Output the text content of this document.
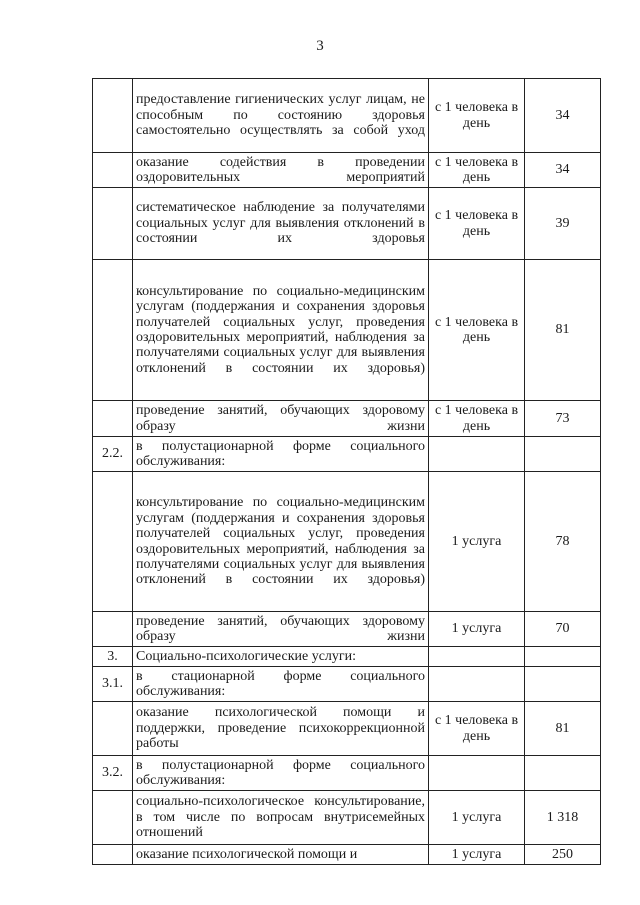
3
	предоставление гигиенических услуг лицам, не способным по состоянию здоровья самостоятельно осуществлять за собой уход	с 1 человека в день	34
	оказание содействия в проведении оздоровительных мероприятий	с 1 человека в день	34
	систематическое наблюдение за получателями социальных услуг для выявления отклонений в состоянии их здоровья	с 1 человека в день	39
	консультирование по социально-медицинским услугам (поддержания и сохранения здоровья получателей социальных услуг, проведения оздоровительных мероприятий, наблюдения за получателями социальных услуг для выявления отклонений в состоянии их здоровья)	с 1 человека в день	81
	проведение занятий, обучающих здоровому образу жизни	с 1 человека в день	73
2.2.	в полустационарной форме социального обслуживания:		
	консультирование по социально-медицинским услугам (поддержания и сохранения здоровья получателей социальных услуг, проведения оздоровительных мероприятий, наблюдения за получателями социальных услуг для выявления отклонений в состоянии их здоровья)	1 услуга	78
	проведение занятий, обучающих здоровому образу жизни	1 услуга	70
3.	Социально-психологические услуги:		
3.1.	в стационарной форме социального обслуживания:		
	оказание психологической помощи и поддержки, проведение психокоррекционной работы	с 1 человека в день	81
3.2.	в полустационарной форме социального обслуживания:		
	социально-психологическое консультирование, в том числе по вопросам внутрисемейных отношений	1 услуга	1 318
	оказание психологической помощи и	1 услуга	250
